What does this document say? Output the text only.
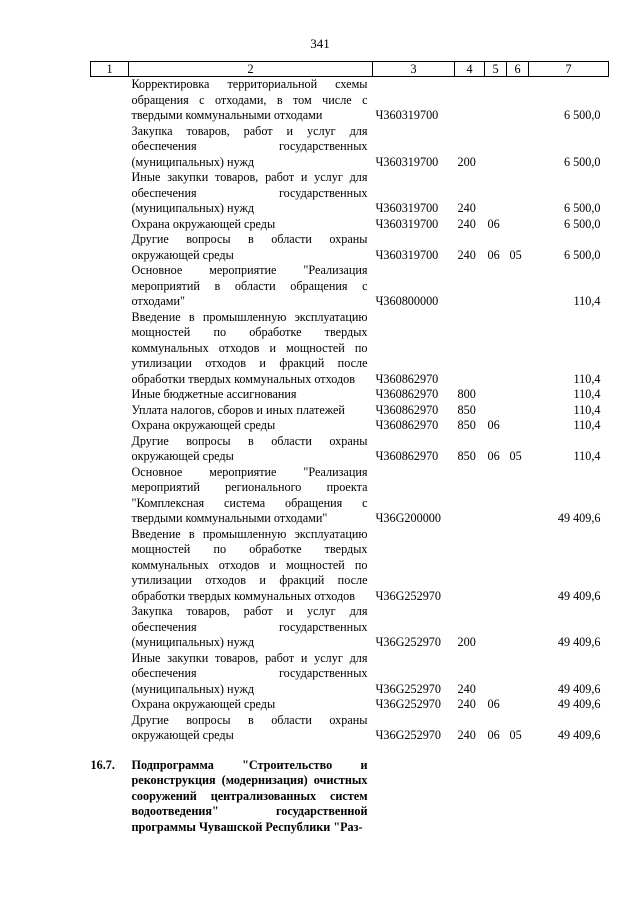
341
1	2	3	4	5	6	7
	Корректировка территориальной схемы обращения с отходами, в том числе с твердыми коммунальными отходами	Ч360319700				6 500,0
	Закупка товаров, работ и услуг для обеспечения государственных (муниципальных) нужд	Ч360319700	200			6 500,0
	Иные закупки товаров, работ и услуг для обеспечения государственных (муниципальных) нужд	Ч360319700	240			6 500,0
	Охрана окружающей среды	Ч360319700	240	06		6 500,0
	Другие вопросы в области охраны окружающей среды	Ч360319700	240	06	05	6 500,0
	Основное мероприятие "Реализация мероприятий в области обращения с отходами"	Ч360800000				110,4
	Введение в промышленную эксплуатацию мощностей по обработке твердых коммунальных отходов и мощностей по утилизации отходов и фракций после обработки твердых коммунальных отходов	Ч360862970				110,4
	Иные бюджетные ассигнования	Ч360862970	800			110,4
	Уплата налогов, сборов и иных платежей	Ч360862970	850			110,4
	Охрана окружающей среды	Ч360862970	850	06		110,4
	Другие вопросы в области охраны окружающей среды	Ч360862970	850	06	05	110,4
	Основное мероприятие "Реализация мероприятий регионального проекта "Комплексная система обращения с твердыми коммунальными отходами"	Ч36G200000				49 409,6
	Введение в промышленную эксплуатацию мощностей по обработке твердых коммунальных отходов и мощностей по утилизации отходов и фракций после обработки твердых коммунальных отходов	Ч36G252970				49 409,6
	Закупка товаров, работ и услуг для обеспечения государственных (муниципальных) нужд	Ч36G252970	200			49 409,6
	Иные закупки товаров, работ и услуг для обеспечения государственных (муниципальных) нужд	Ч36G252970	240			49 409,6
	Охрана окружающей среды	Ч36G252970	240	06		49 409,6
	Другие вопросы в области охраны окружающей среды	Ч36G252970	240	06	05	49 409,6
16.7.	Подпрограмма "Строительство и реконструкция (модернизация) очистных сооружений централизованных систем водоотведения" государственной программы Чувашской Республики "Раз-					
